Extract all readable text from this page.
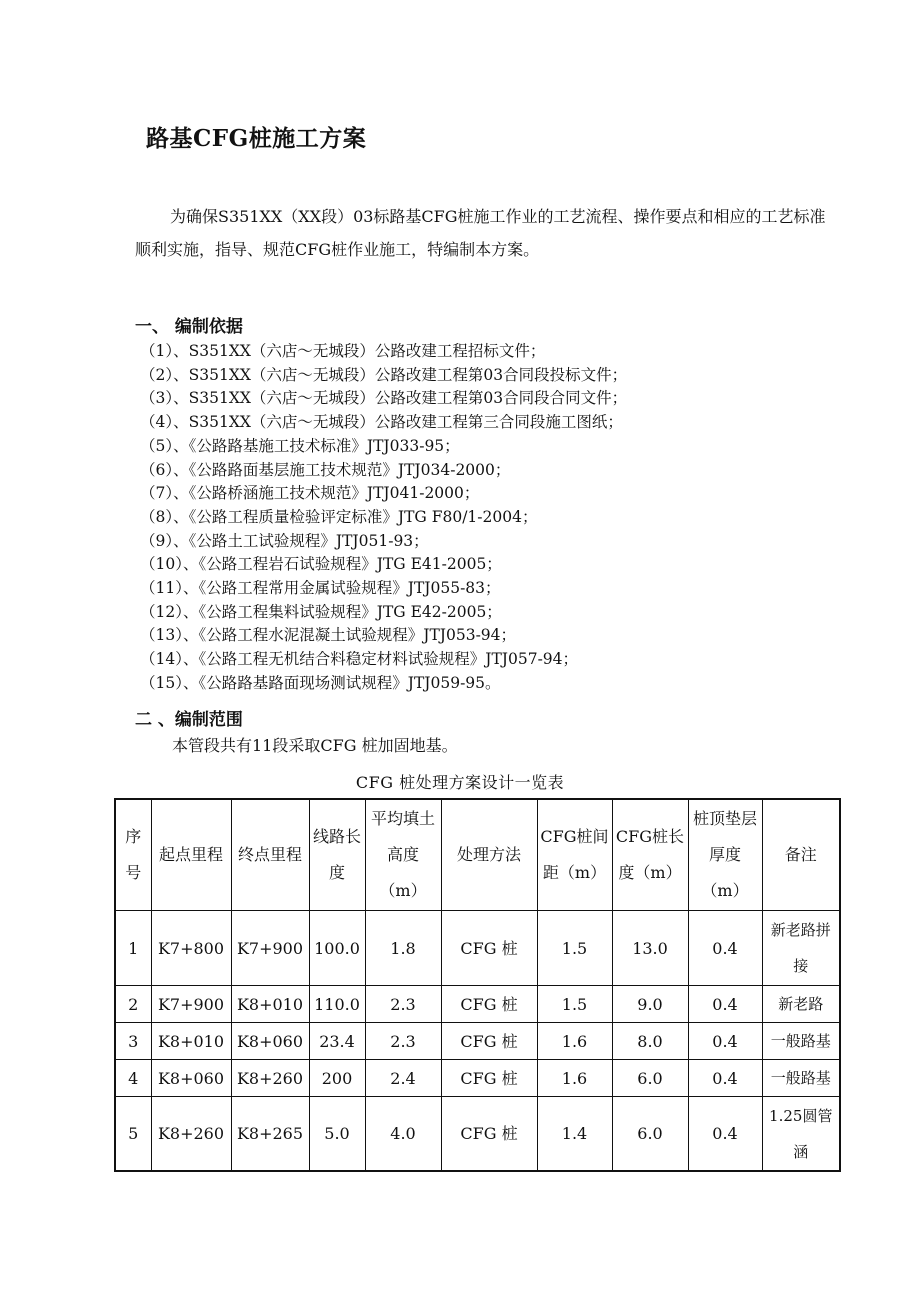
路基CFG桩施工方案
为确保S351XX（XX段）03标路基CFG桩施工作业的工艺流程、操作要点和相应的工艺标准顺利实施，指导、规范CFG桩作业施工，特编制本方案。
一、 编制依据
（1）、S351XX（六店～无城段）公路改建工程招标文件；
（2）、S351XX（六店～无城段）公路改建工程第03合同段投标文件；
（3）、S351XX（六店～无城段）公路改建工程第03合同段合同文件；
（4）、S351XX（六店～无城段）公路改建工程第三合同段施工图纸；
（5）、《公路路基施工技术标准》JTJ033-95；
（6）、《公路路面基层施工技术规范》JTJ034-2000；
（7）、《公路桥涵施工技术规范》JTJ041-2000；
（8）、《公路工程质量检验评定标准》JTG F80/1-2004；
（9）、《公路土工试验规程》JTJ051-93；
（10）、《公路工程岩石试验规程》JTG E41-2005；
（11）、《公路工程常用金属试验规程》JTJ055-83；
（12）、《公路工程集料试验规程》JTG E42-2005；
（13）、《公路工程水泥混凝土试验规程》JTJ053-94；
（14）、《公路工程无机结合料稳定材料试验规程》JTJ057-94；
（15）、《公路路基路面现场测试规程》JTJ059-95。
二 、编制范围
本管段共有11段采取CFG 桩加固地基。
CFG 桩处理方案设计一览表
序号	起点里程	终点里程	线路长度	平均填土高度（m）	处理方法	CFG桩间距（m）	CFG桩长度（m）	桩顶垫层厚度（m）	备注
1	K7+800	K7+900	100.0	1.8	CFG 桩	1.5	13.0	0.4	新老路拼接
2	K7+900	K8+010	110.0	2.3	CFG 桩	1.5	9.0	0.4	新老路
3	K8+010	K8+060	23.4	2.3	CFG 桩	1.6	8.0	0.4	一般路基
4	K8+060	K8+260	200	2.4	CFG 桩	1.6	6.0	0.4	一般路基
5	K8+260	K8+265	5.0	4.0	CFG 桩	1.4	6.0	0.4	1.25圆管涵
